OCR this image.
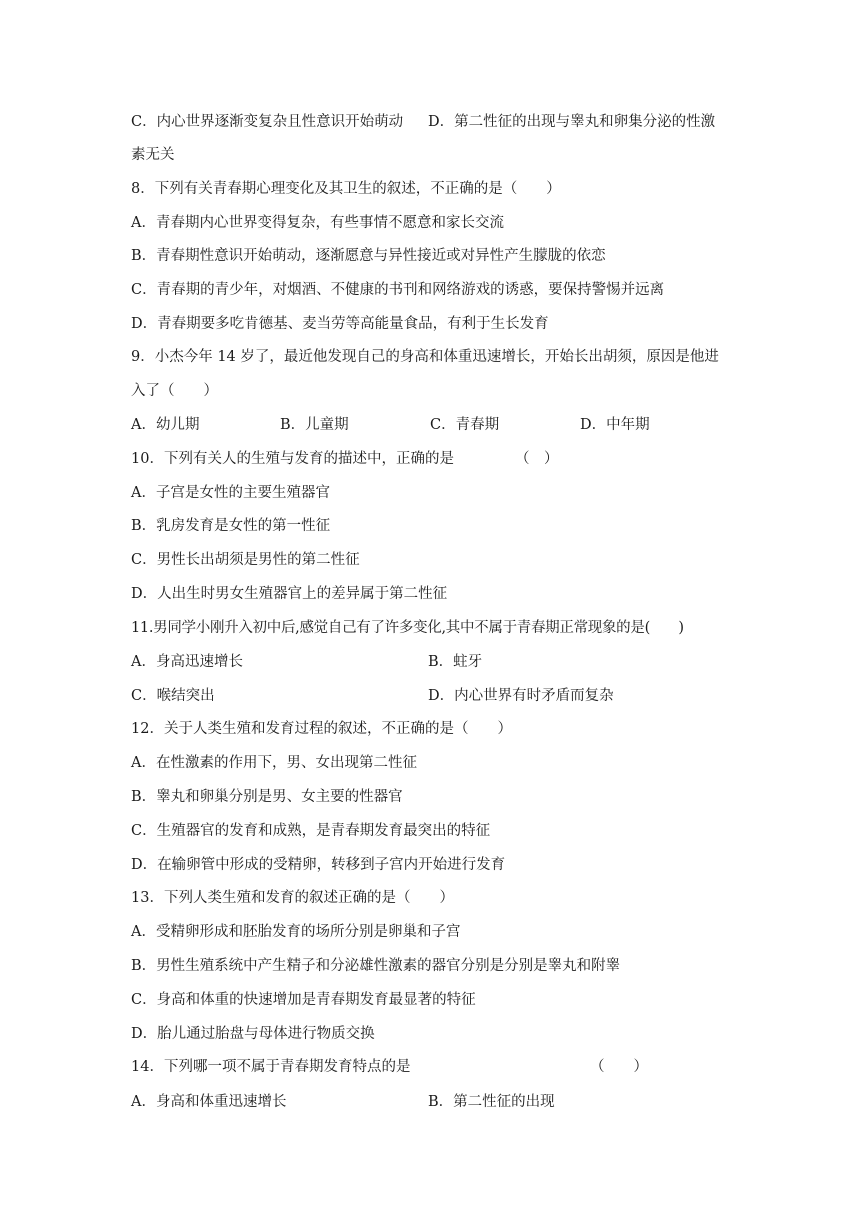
C．内心世界逐渐变复杂且性意识开始萌动 D．第二性征的出现与睾丸和卵集分泌的性激
素无关
8．下列有关青春期心理变化及其卫生的叙述，不正确的是（　　）
A．青春期内心世界变得复杂，有些事情不愿意和家长交流
B．青春期性意识开始萌动，逐渐愿意与异性接近或对异性产生朦胧的依恋
C．青春期的青少年，对烟酒、不健康的书刊和网络游戏的诱惑，要保持警惕并远离
D．青春期要多吃肯德基、麦当劳等高能量食品，有利于生长发育
9．小杰今年 14 岁了，最近他发现自己的身高和体重迅速增长，开始长出胡须，原因是他进
入了（　　）
A．幼儿期	B．儿童期	C．青春期	D．中年期
10．下列有关人的生殖与发育的描述中，正确的是	（　）
A．子宫是女性的主要生殖器官
B．乳房发育是女性的第一性征
C．男性长出胡须是男性的第二性征
D．人出生时男女生殖器官上的差异属于第二性征
11.男同学小刚升入初中后,感觉自己有了许多变化,其中不属于青春期正常现象的是(　　)
A．身高迅速增长	B．蛀牙
C．喉结突出	D．内心世界有时矛盾而复杂
12．关于人类生殖和发育过程的叙述，不正确的是（　　）
A．在性激素的作用下，男、女出现第二性征
B．睾丸和卵巢分别是男、女主要的性器官
C．生殖器官的发育和成熟，是青春期发育最突出的特征
D．在输卵管中形成的受精卵，转移到子宫内开始进行发育
13．下列人类生殖和发育的叙述正确的是（　　）
A．受精卵形成和胚胎发育的场所分别是卵巢和子宫
B．男性生殖系统中产生精子和分泌雄性激素的器官分别是分别是睾丸和附睾
C．身高和体重的快速增加是青春期发育最显著的特征
D．胎儿通过胎盘与母体进行物质交换
14．下列哪一项不属于青春期发育特点的是	（　　）
A．身高和体重迅速增长	B．第二性征的出现
